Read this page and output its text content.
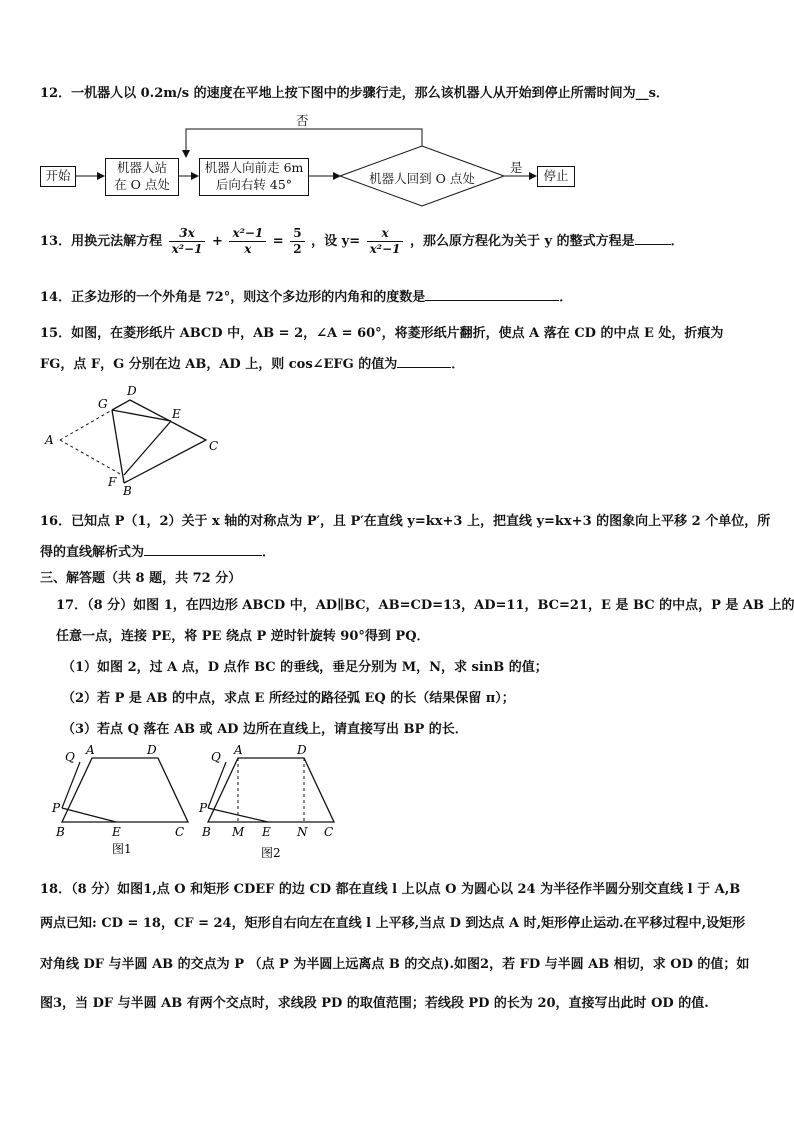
12．一机器人以 0.2m/s 的速度在平地上按下图中的步骤行走，那么该机器人从开始到停止所需时间为__s．
开始
机器人站
在 O 点处
机器人向前走 6m
后向右转 45°	机器人回到 O 点处	停止
否
是
13．用换元法解方程 $\frac{3x}{\text{x²−1}} + \frac{\text{x²−1}}{x} = \frac{5}{2}$ ，设 $y= \frac{x}{\text{x²−1}}$ ，那么原方程化为关于 y 的整式方程是	．
14．正多边形的一个外角是 72°，则这个多边形的内角和的度数是	．
15．如图，在菱形纸片 ABCD 中，AB = 2，∠A = 60°，将菱形纸片翻折，使点 A 落在 CD 的中点 E 处，折痕为
FG，点 F，G 分别在边 AB，AD 上，则 cos∠EFG 的值为	．
A
D
G
E
C
F
B
16．已知点 P（1，2）关于 x 轴的对称点为 P′，且 P′在直线 y=kx+3 上，把直线 y=kx+3 的图象向上平移 2 个单位，所
得的直线解析式为	．
三、解答题（共 8 题，共 72 分）
17．（8 分）如图 1，在四边形 ABCD 中，AD∥BC，AB=CD=13，AD=11，BC=21，E 是 BC 的中点，P 是 AB 上的
任意一点，连接 PE，将 PE 绕点 P 逆时针旋转 90°得到 PQ．
（1）如图 2，过 A 点，D 点作 BC 的垂线，垂足分别为 M，N，求 sinB 的值；
（2）若 P 是 AB 的中点，求点 E 所经过的路径弧 EQ 的长（结果保留 π）；
（3）若点 Q 落在 AB 或 AD 边所在直线上，请直接写出 BP 的长．
Q A	D
P
B	E	C
图1
Q A	D
P
B M E N C
图2
18．（8 分）如图1,点 O 和矩形 CDEF 的边 CD 都在直线 l 上以点 O 为圆心以 24 为半径作半圆分别交直线 l 于 A,B
两点已知: CD = 18，CF = 24，矩形自右向左在直线 l 上平移,当点 D 到达点 A 时,矩形停止运动.在平移过程中,设矩形
对角线 DF 与半圆 AB 的交点为 P （点 P 为半圆上远离点 B 的交点).如图2，若 FD 与半圆 AB 相切，求 OD 的值；如
图3，当 DF 与半圆 AB 有两个交点时，求线段 PD 的取值范围；若线段 PD 的长为 20，直接写出此时 OD 的值.
